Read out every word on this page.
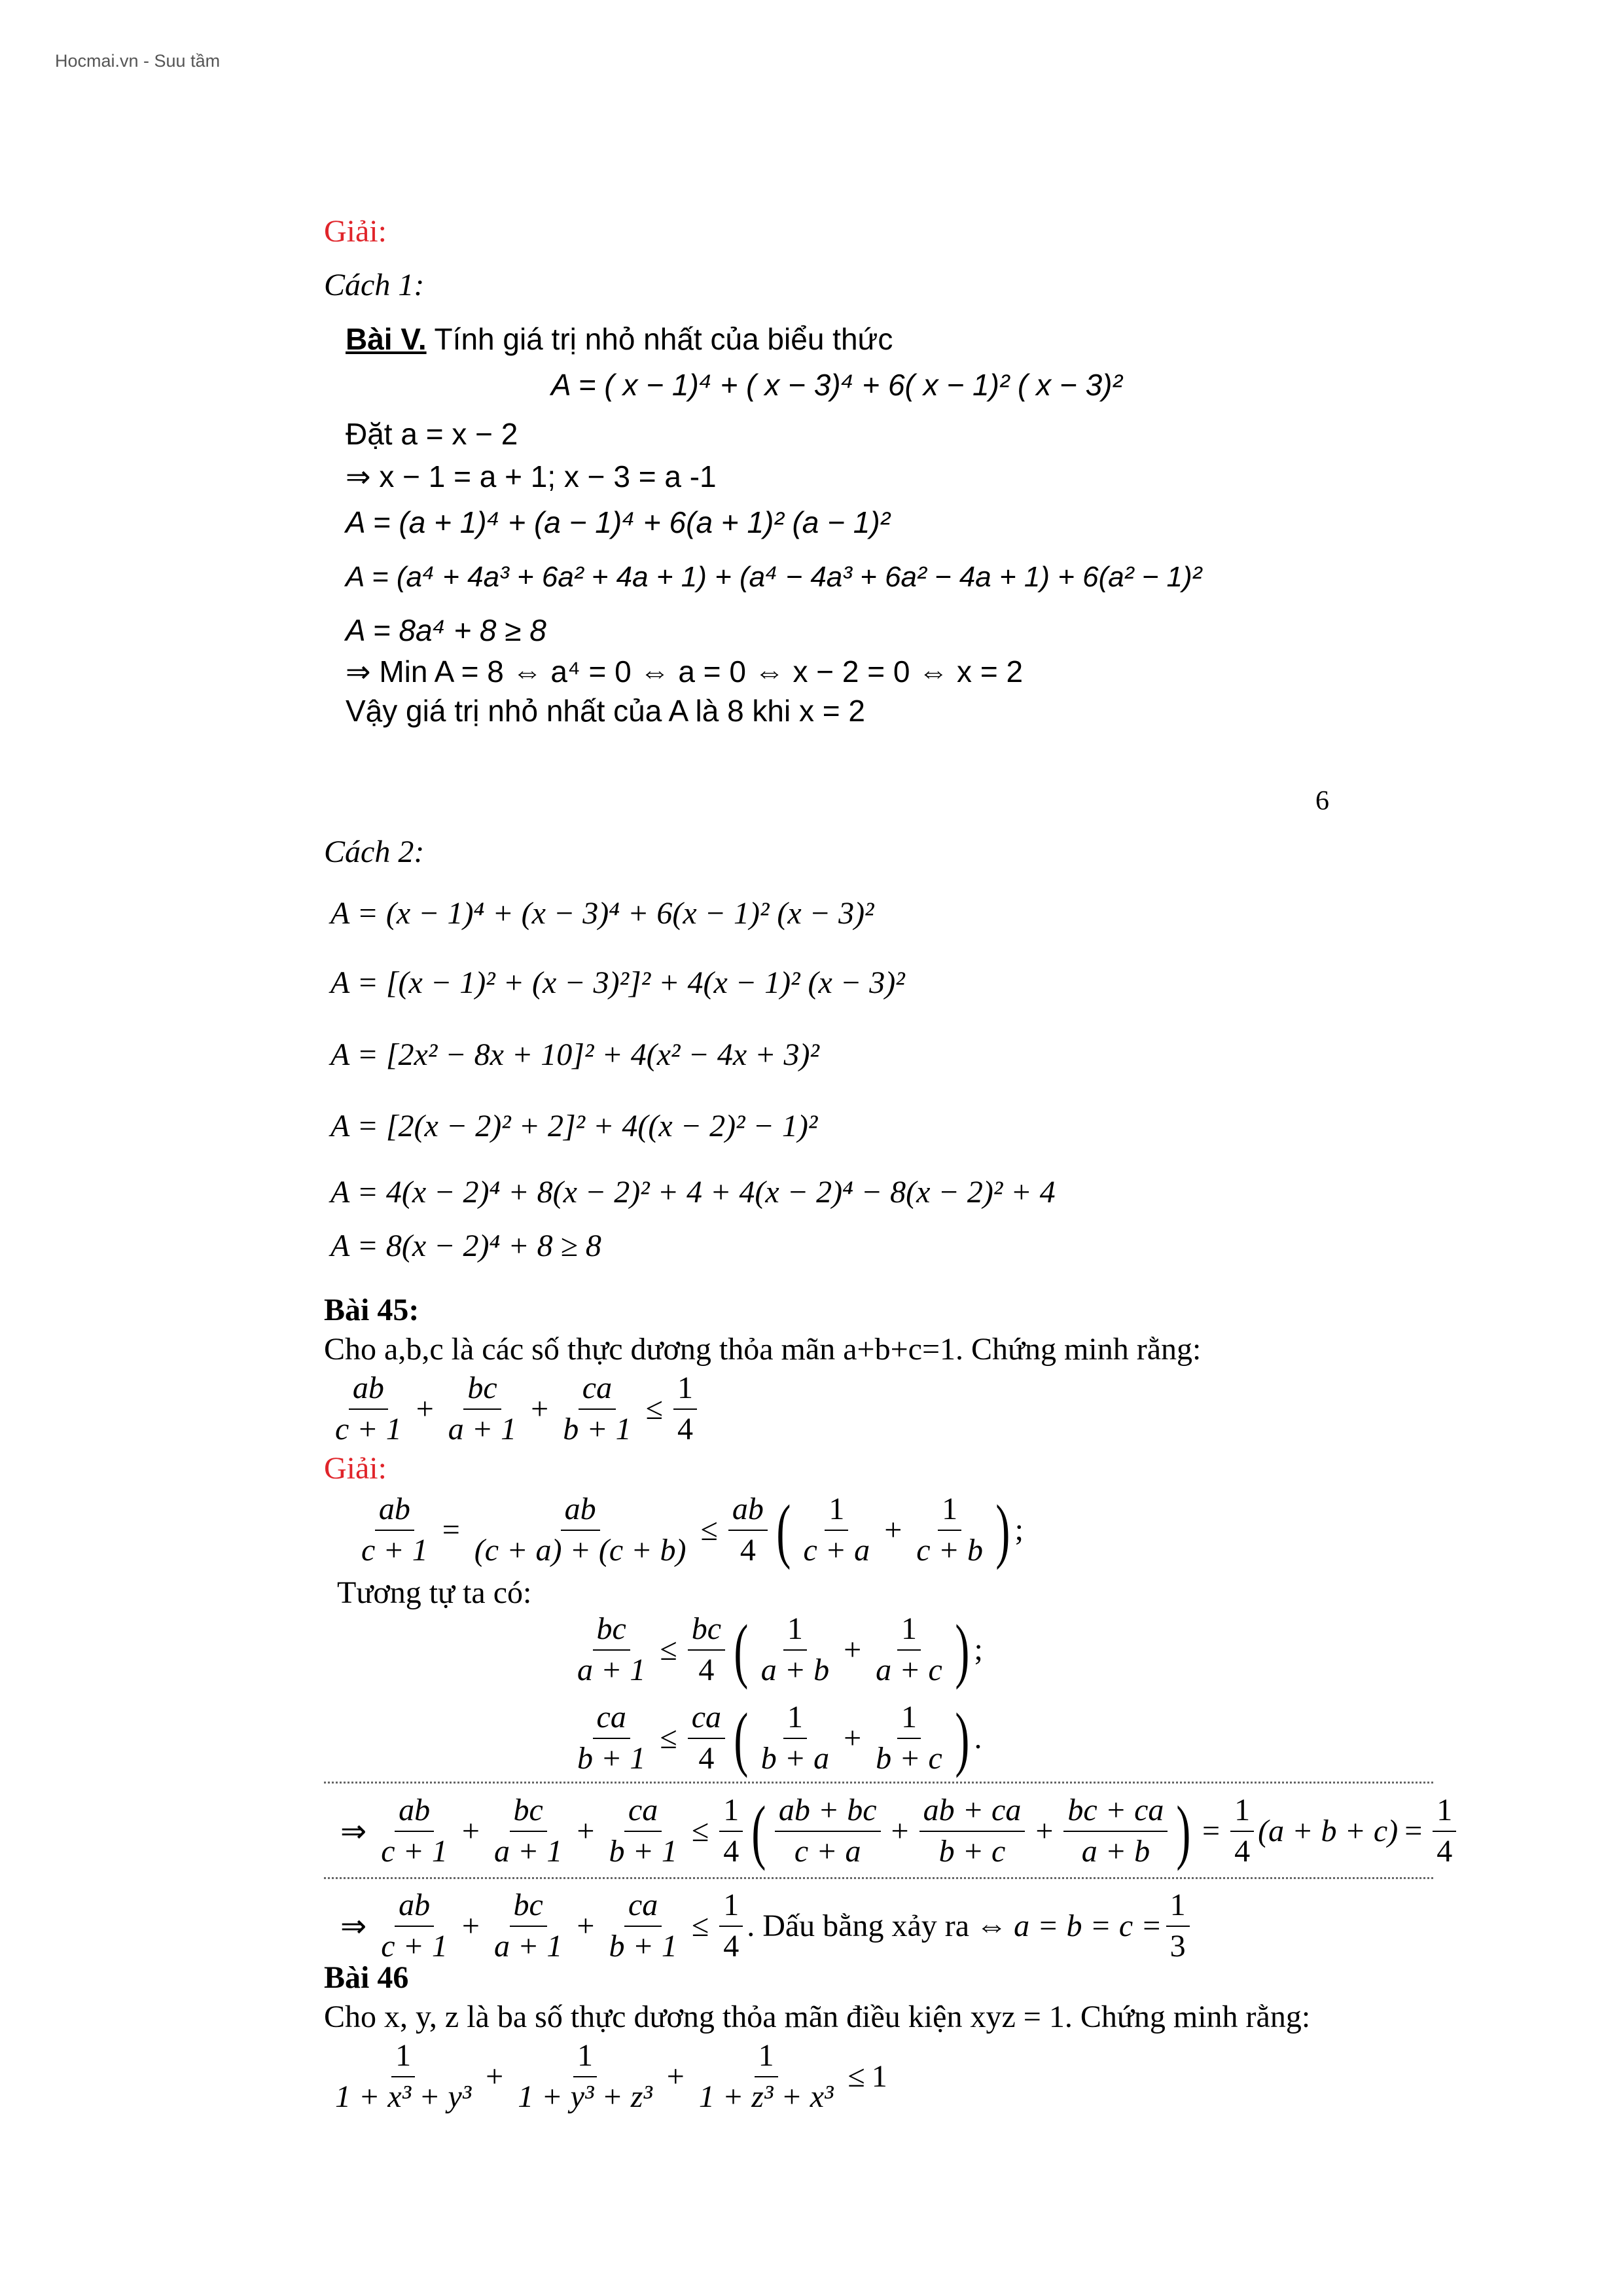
Hocmai.vn - Suu tầm
Giải:
Cách 1:
Bài V. Tính giá trị nhỏ nhất của biểu thức
A = ( x − 1)⁴ + ( x − 3)⁴ + 6( x − 1)² ( x − 3)²
Đặt a = x − 2
⇒ x − 1 = a + 1; x − 3 = a -1
A = (a + 1)⁴ + (a − 1)⁴ + 6(a + 1)² (a − 1)²
A = (a⁴ + 4a³ + 6a² + 4a + 1) + (a⁴ − 4a³ + 6a² − 4a + 1) + 6(a² − 1)²
A = 8a⁴ + 8 ≥ 8
⇒ Min A = 8 ⇔ a⁴ = 0 ⇔ a = 0 ⇔ x − 2 = 0 ⇔ x = 2
Vậy giá trị nhỏ nhất của A là 8 khi x = 2
6
Cách 2:
A = (x − 1)⁴ + (x − 3)⁴ + 6(x − 1)² (x − 3)²
A = [(x − 1)² + (x − 3)²]² + 4(x − 1)² (x − 3)²
A = [2x² − 8x + 10]² + 4(x² − 4x + 3)²
A = [2(x − 2)² + 2]² + 4((x − 2)² − 1)²
A = 4(x − 2)⁴ + 8(x − 2)² + 4 + 4(x − 2)⁴ − 8(x − 2)² + 4
A = 8(x − 2)⁴ + 8 ≥ 8
Bài 45:
Cho a,b,c là các số thực dương thỏa mãn a+b+c=1. Chứng minh rằng:
$\frac{ab}{c + 1} + \frac{bc}{a + 1} + \frac{ca}{b + 1} \le \frac{1}{4}$
Giải:
$\frac{ab}{c + 1} = \frac{ab}{(c + a) + (c + b)} \le \frac{ab}{4}$ ( $\frac{1}{c + a} + \frac{1}{c + b}$ ) ;
Tương tự ta có:
$\frac{bc}{a + 1} \le \frac{bc}{4}$ ( $\frac{1}{a + b} + \frac{1}{a + c}$ ) ;
$\frac{ca}{b + 1} \le \frac{ca}{4}$ ( $\frac{1}{b + a} + \frac{1}{b + c}$ ) .
⇒ $\frac{ab}{c + 1} + \frac{bc}{a + 1} + \frac{ca}{b + 1} \le \frac{1}{4}$ ( $\frac{ab + bc}{c + a} + \frac{ab + ca}{b + c} + \frac{bc + ca}{a + b}$ ) = $\frac{1}{4} (a + b + c) = \frac{1}{4}$
⇒ $\frac{ab}{c + 1} + \frac{bc}{a + 1} + \frac{ca}{b + 1} \le \frac{1}{4}$ . Dấu bằng xảy ra ⇔ $a = b = c = \frac{1}{3}$
Bài 46
Cho x, y, z là ba số thực dương thỏa mãn điều kiện xyz = 1. Chứng minh rằng:
$\frac{1}{\text{1 + x³ + y³}} + \frac{1}{\text{1 + y³ + z³}} + \frac{1}{\text{1 + z³ + x³}} \le 1$
